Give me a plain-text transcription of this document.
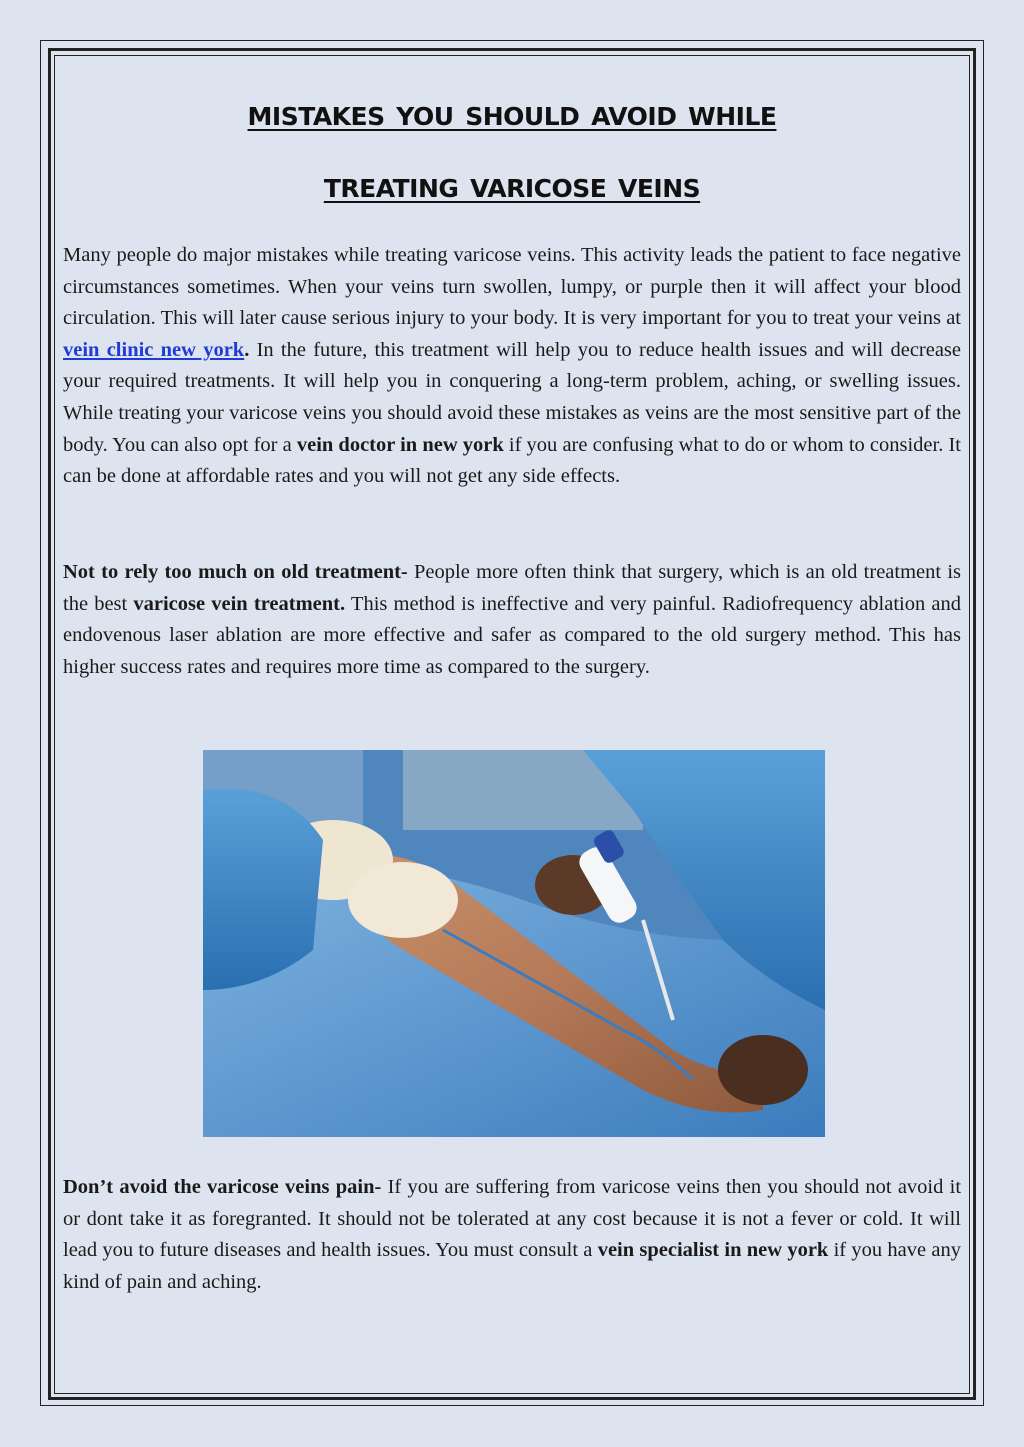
mistakes you should avoid while
treating varicose veins

Many people do major mistakes while treating varicose veins. This activity leads the patient to face negative circumstances sometimes. When your veins turn swollen, lumpy, or purple then it will affect your blood circulation. This will later cause serious injury to your body. It is very important for you to treat your veins at vein clinic new york. In the future, this treatment will help you to reduce health issues and will decrease your required treatments. It will help you in conquering a long-term problem, aching, or swelling issues. While treating your varicose veins you should avoid these mistakes as veins are the most sensitive part of the body. You can also opt for a vein doctor in new york if you are confusing what to do or whom to consider. It can be done at affordable rates and you will not get any side effects.

Not to rely too much on old treatment- People more often think that surgery, which is an old treatment is the best varicose vein treatment. This method is ineffective and very painful. Radiofrequency ablation and endovenous laser ablation are more effective and safer as compared to the old surgery method. This has higher success rates and requires more time as compared to the surgery.

Don’t avoid the varicose veins pain- If you are suffering from varicose veins then you should not avoid it or dont take it as foregranted. It should not be tolerated at any cost because it is not a fever or cold. It will lead you to future diseases and health issues. You must consult a vein specialist in new york if you have any kind of pain and aching.
